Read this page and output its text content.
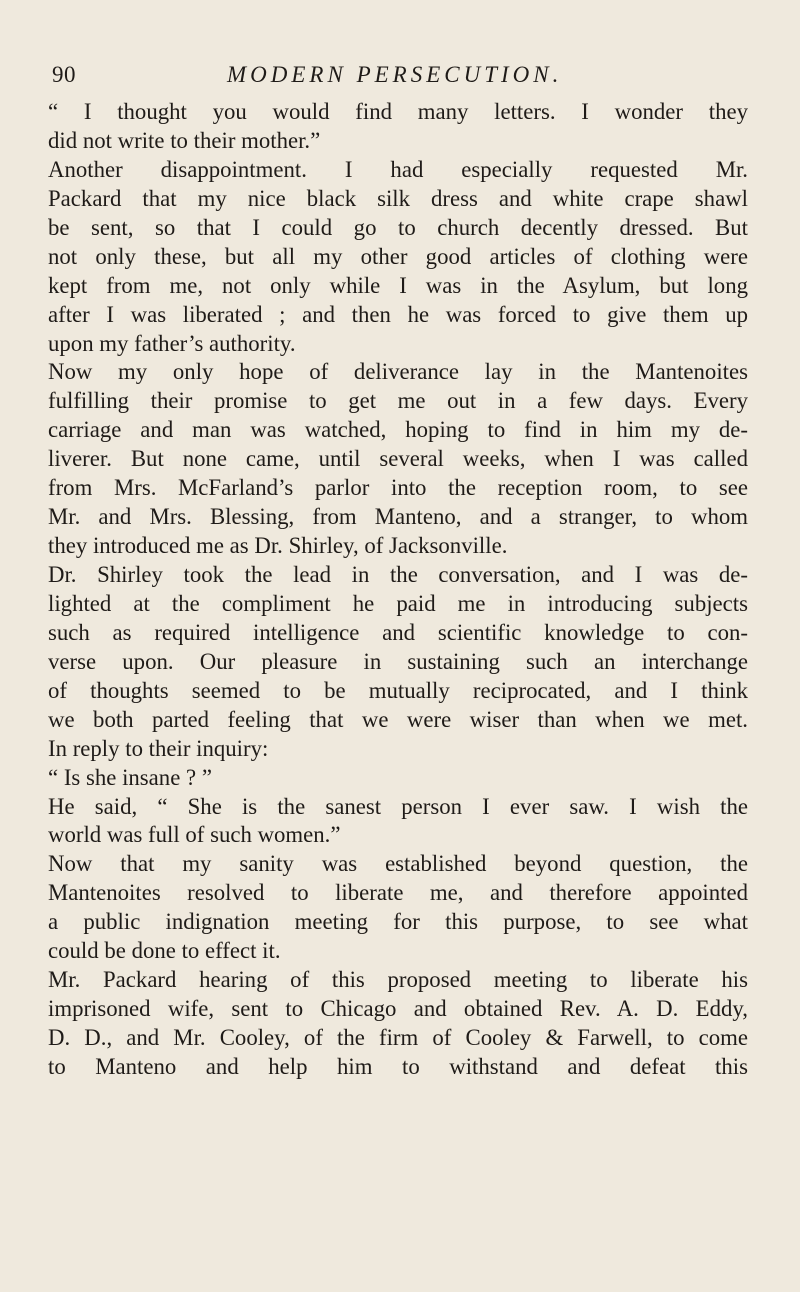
90	MODERN PERSECUTION.
“ I thought you would find many letters. I wonder they
did not write to their mother.”
Another disappointment. I had especially requested Mr.
Packard that my nice black silk dress and white crape shawl
be sent, so that I could go to church decently dressed. But
not only these, but all my other good articles of clothing were
kept from me, not only while I was in the Asylum, but long
after I was liberated ; and then he was forced to give them up
upon my father’s authority.
Now my only hope of deliverance lay in the Mantenoites
fulfilling their promise to get me out in a few days. Every
carriage and man was watched, hoping to find in him my de-
liverer. But none came, until several weeks, when I was called
from Mrs. McFarland’s parlor into the reception room, to see
Mr. and Mrs. Blessing, from Manteno, and a stranger, to whom
they introduced me as Dr. Shirley, of Jacksonville.
Dr. Shirley took the lead in the conversation, and I was de-
lighted at the compliment he paid me in introducing subjects
such as required intelligence and scientific knowledge to con-
verse upon. Our pleasure in sustaining such an interchange
of thoughts seemed to be mutually reciprocated, and I think
we both parted feeling that we were wiser than when we met.
In reply to their inquiry:
“ Is she insane ? ”
He said, “ She is the sanest person I ever saw. I wish the
world was full of such women.”
Now that my sanity was established beyond question, the
Mantenoites resolved to liberate me, and therefore appointed
a public indignation meeting for this purpose, to see what
could be done to effect it.
Mr. Packard hearing of this proposed meeting to liberate his
imprisoned wife, sent to Chicago and obtained Rev. A. D. Eddy,
D. D., and Mr. Cooley, of the firm of Cooley & Farwell, to come
to Manteno and help him to withstand and defeat this
